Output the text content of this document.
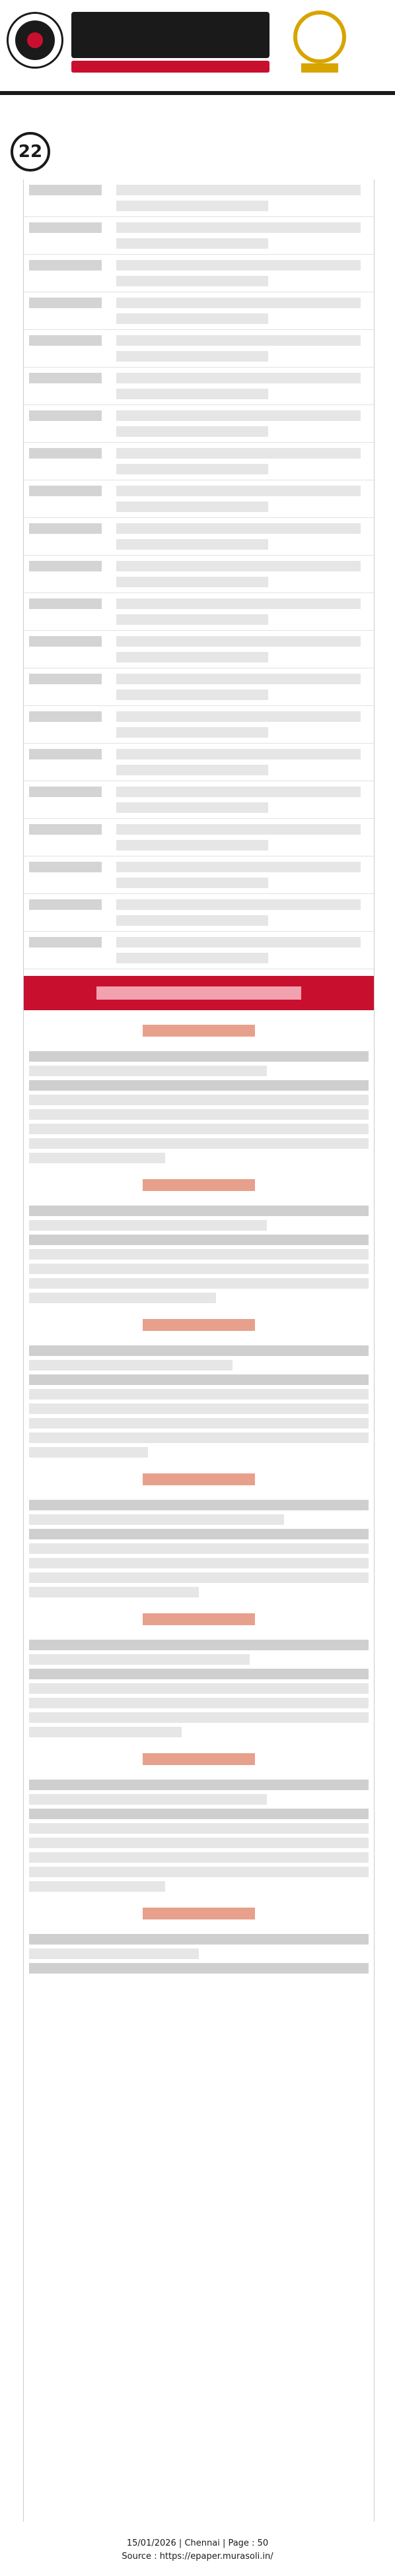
22
15/01/2026 | Chennai | Page : 50
Source : https://epaper.murasoli.in/
